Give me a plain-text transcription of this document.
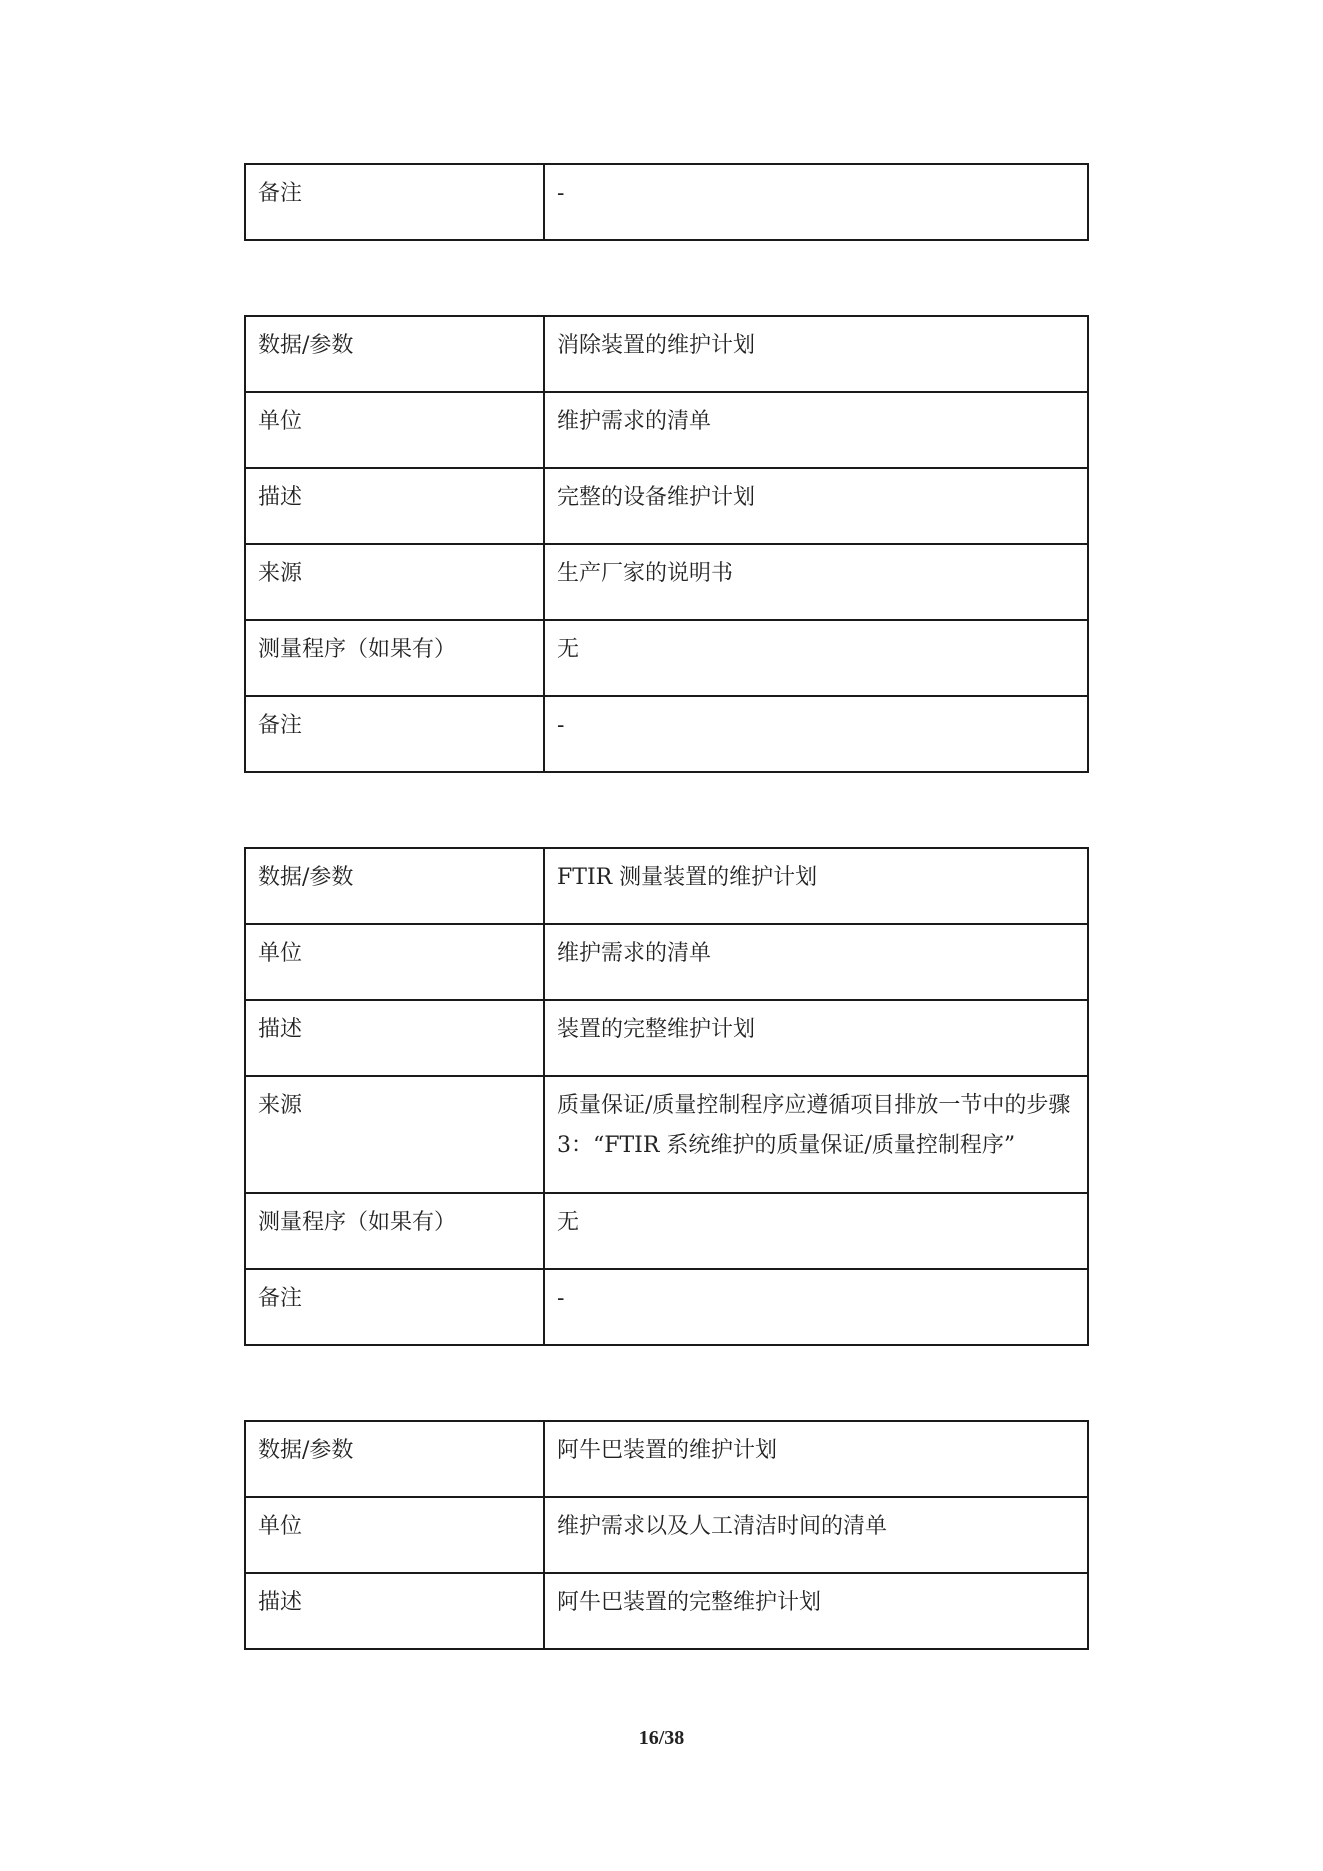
备注	-
数据/参数	消除装置的维护计划
单位	维护需求的清单
描述	完整的设备维护计划
来源	生产厂家的说明书
测量程序（如果有）	无
备注	-
数据/参数	FTIR 测量装置的维护计划
单位	维护需求的清单
描述	装置的完整维护计划
来源	质量保证/质量控制程序应遵循项目排放一节中的步骤 3：“FTIR 系统维护的质量保证/质量控制程序”
测量程序（如果有）	无
备注	-
数据/参数	阿牛巴装置的维护计划
单位	维护需求以及人工清洁时间的清单
描述	阿牛巴装置的完整维护计划
16/38
